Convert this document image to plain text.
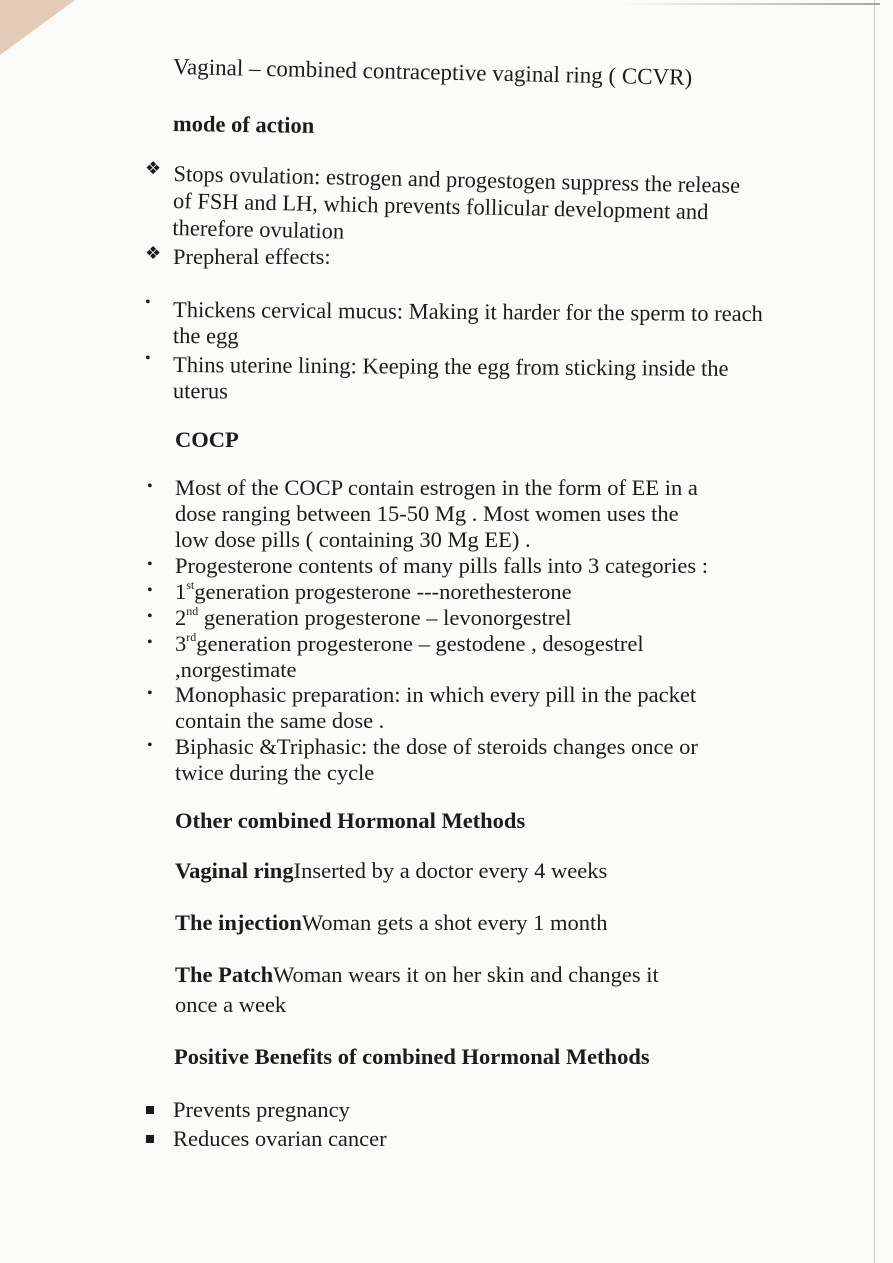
Vaginal – combined contraceptive vaginal ring ( CCVR)
mode of action
❖ Stops ovulation: estrogen and progestogen suppress the release of FSH and LH, which prevents follicular development and therefore ovulation
❖ Prepheral effects:
• Thickens cervical mucus: Making it harder for the sperm to reach the egg
• Thins uterine lining: Keeping the egg from sticking inside the uterus
COCP
• Most of the COCP contain estrogen in the form of EE in a
dose ranging between 15-50 Mg . Most women uses the
low dose pills ( containing 30 Mg EE) .
• Progesterone contents of many pills falls into 3 categories :
• 1stgeneration progesterone ---norethesterone
• 2nd generation progesterone – levonorgestrel
• 3rdgeneration progesterone – gestodene , desogestrel
,norgestimate
• Monophasic preparation: in which every pill in the packet
contain the same dose .
• Biphasic &Triphasic: the dose of steroids changes once or
twice during the cycle
Other combined Hormonal Methods
Vaginal ringInserted by a doctor every 4 weeks
The injectionWoman gets a shot every 1 month
The PatchWoman wears it on her skin and changes it
once a week
Positive Benefits of combined Hormonal Methods
Prevents pregnancy
Reduces ovarian cancer
